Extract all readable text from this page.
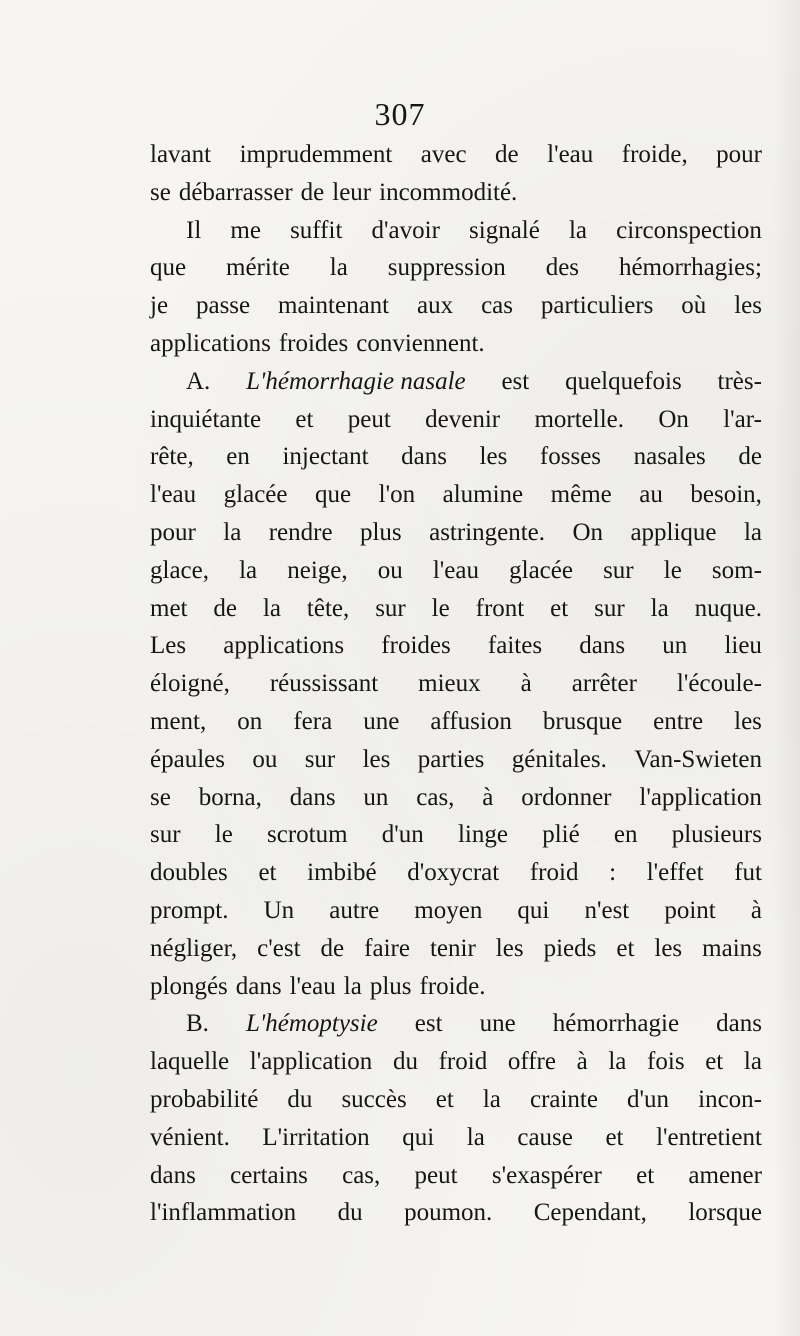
307
lavant imprudemment avec de l'eau froide, pour
se débarrasser de leur incommodité.
Il me suffit d'avoir signalé la circonspection
que mérite la suppression des hémorrhagies;
je passe maintenant aux cas particuliers où les
applications froides conviennent.
A. L'hémorrhagie nasale est quelquefois très-
inquiétante et peut devenir mortelle. On l'ar-
rête, en injectant dans les fosses nasales de
l'eau glacée que l'on alumine même au besoin,
pour la rendre plus astringente. On applique la
glace, la neige, ou l'eau glacée sur le som-
met de la tête, sur le front et sur la nuque.
Les applications froides faites dans un lieu
éloigné, réussissant mieux à arrêter l'écoule-
ment, on fera une affusion brusque entre les
épaules ou sur les parties génitales. Van-Swieten
se borna, dans un cas, à ordonner l'application
sur le scrotum d'un linge plié en plusieurs
doubles et imbibé d'oxycrat froid : l'effet fut
prompt. Un autre moyen qui n'est point à
négliger, c'est de faire tenir les pieds et les mains
plongés dans l'eau la plus froide.
B. L'hémoptysie est une hémorrhagie dans
laquelle l'application du froid offre à la fois et la
probabilité du succès et la crainte d'un incon-
vénient. L'irritation qui la cause et l'entretient
dans certains cas, peut s'exaspérer et amener
l'inflammation du poumon. Cependant, lorsque
